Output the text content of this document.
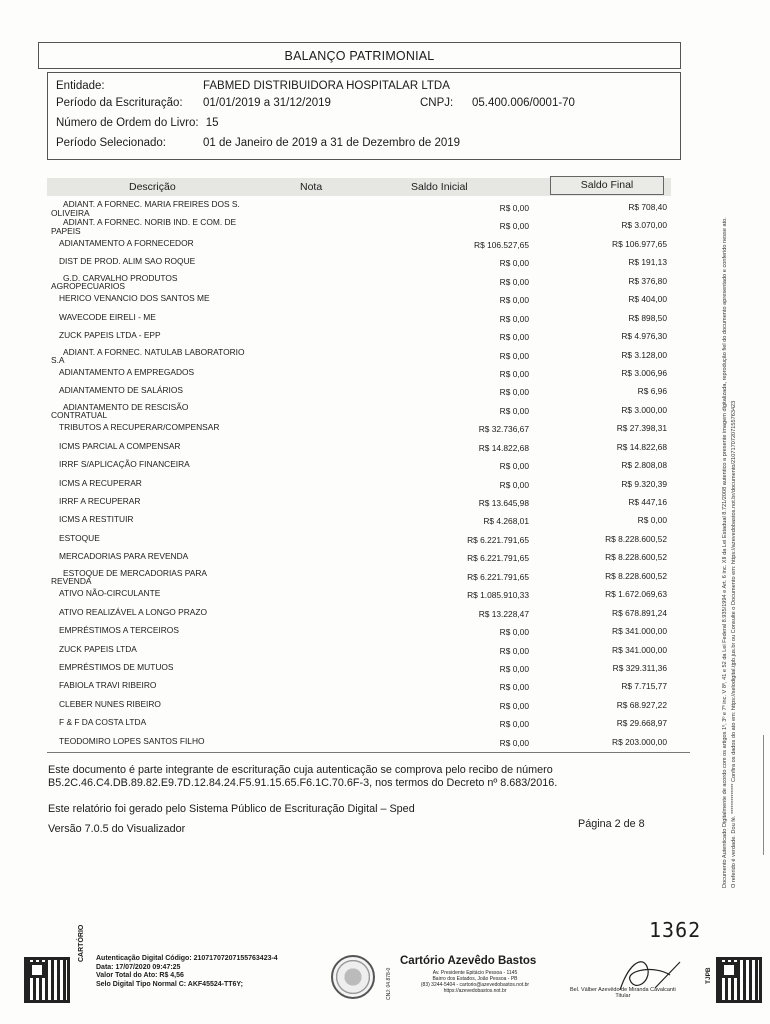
BALANÇO PATRIMONIAL
Entidade:	FABMED DISTRIBUIDORA HOSPITALAR LTDA
Período da Escrituração: 01/01/2019 a 31/12/2019	CNPJ: 05.400.006/0001-70
Número de Ordem do Livro: 15
Período Selecionado:	01 de Janeiro de 2019 a 31 de Dezembro de 2019
Descrição	Nota	Saldo Inicial	Saldo Final
ADIANT. A FORNEC. MARIA FREIRES DOS S. OLIVEIRA	R$ 0,00	R$ 708,40
ADIANT. A FORNEC. NORIB IND. E COM. DE PAPEIS	R$ 0,00	R$ 3.070,00
ADIANTAMENTO A FORNECEDOR	R$ 106.527,65	R$ 106.977,65
DIST DE PROD. ALIM SAO ROQUE	R$ 0,00	R$ 191,13
G.D. CARVALHO PRODUTOS AGROPECUARIOS	R$ 0,00	R$ 376,80
HERICO VENANCIO DOS SANTOS ME	R$ 0,00	R$ 404,00
WAVECODE EIRELI - ME	R$ 0,00	R$ 898,50
ZUCK PAPEIS LTDA - EPP	R$ 0,00	R$ 4.976,30
ADIANT. A FORNEC. NATULAB LABORATORIO S.A	R$ 0,00	R$ 3.128,00
ADIANTAMENTO A EMPREGADOS	R$ 0,00	R$ 3.006,96
ADIANTAMENTO DE SALÁRIOS	R$ 0,00	R$ 6,96
ADIANTAMENTO DE RESCISÃO CONTRATUAL	R$ 0,00	R$ 3.000,00
TRIBUTOS A RECUPERAR/COMPENSAR	R$ 32.736,67	R$ 27.398,31
ICMS PARCIAL A COMPENSAR	R$ 14.822,68	R$ 14.822,68
IRRF S/APLICAÇÃO FINANCEIRA	R$ 0,00	R$ 2.808,08
ICMS A RECUPERAR	R$ 0,00	R$ 9.320,39
IRRF A RECUPERAR	R$ 13.645,98	R$ 447,16
ICMS A RESTITUIR	R$ 4.268,01	R$ 0,00
ESTOQUE	R$ 6.221.791,65	R$ 8.228.600,52
MERCADORIAS PARA REVENDA	R$ 6.221.791,65	R$ 8.228.600,52
ESTOQUE DE MERCADORIAS PARA REVENDA	R$ 6.221.791,65	R$ 8.228.600,52
ATIVO NÃO-CIRCULANTE	R$ 1.085.910,33	R$ 1.672.069,63
ATIVO REALIZÁVEL A LONGO PRAZO	R$ 13.228,47	R$ 678.891,24
EMPRÉSTIMOS A TERCEIROS	R$ 0,00	R$ 341.000,00
ZUCK PAPEIS LTDA	R$ 0,00	R$ 341.000,00
EMPRÉSTIMOS DE MUTUOS	R$ 0,00	R$ 329.311,36
FABIOLA TRAVI RIBEIRO	R$ 0,00	R$ 7.715,77
CLEBER NUNES RIBEIRO	R$ 0,00	R$ 68.927,22
F & F DA COSTA LTDA	R$ 0,00	R$ 29.668,97
TEODOMIRO LOPES SANTOS FILHO	R$ 0,00	R$ 203.000,00
Este documento é parte integrante de escrituração cuja autenticação se comprova pelo recibo de número
B5.2C.46.C4.DB.89.82.E9.7D.12.84.24.F5.91.15.65.F6.1C.70.6F-3, nos termos do Decreto nº 8.683/2016.
Este relatório foi gerado pelo Sistema Público de Escrituração Digital – Sped
Versão 7.0.5 do Visualizador	Página 2 de 8	Documento Autenticado Digitalmente de acordo com os artigos 1º, 3º e 7º inc. V 8º, 41 e 52 da Lei Federal 8.935/1994 e Art. 6 inc. XII da Lei Estadual 8.721/2008 autentico a presente imagem digitalizada, reprodução fiel do documento apresentado e conferido nesse ato. O referido é verdade. Dou fé. ************** Confira os dados do ato em: https://selodigital.tjpb.jus.br ou Consulte o Documento em: https://azevedobastos.not.br/documento/21071707207155763423
1362
CARTÓRIO Autenticação Digital Código: 21071707207155763423-4
Data: 17/07/2020 09:47:25
Valor Total do Ato: R$ 4,56
Selo Digital Tipo Normal C: AKF45524-TT6Y;	CNJ: 04.878-0
Cartório Azevêdo Bastos
Av. Presidente Epitácio Pessoa - 1145
Bairro dos Estados, João Pessoa - PB
(83) 3244-5404 - cartorio@azevedobastos.not.br
https://azevedobastos.not.br	Bel. Válber Azevêdo de Miranda Cavalcanti
Titular
TJPB
